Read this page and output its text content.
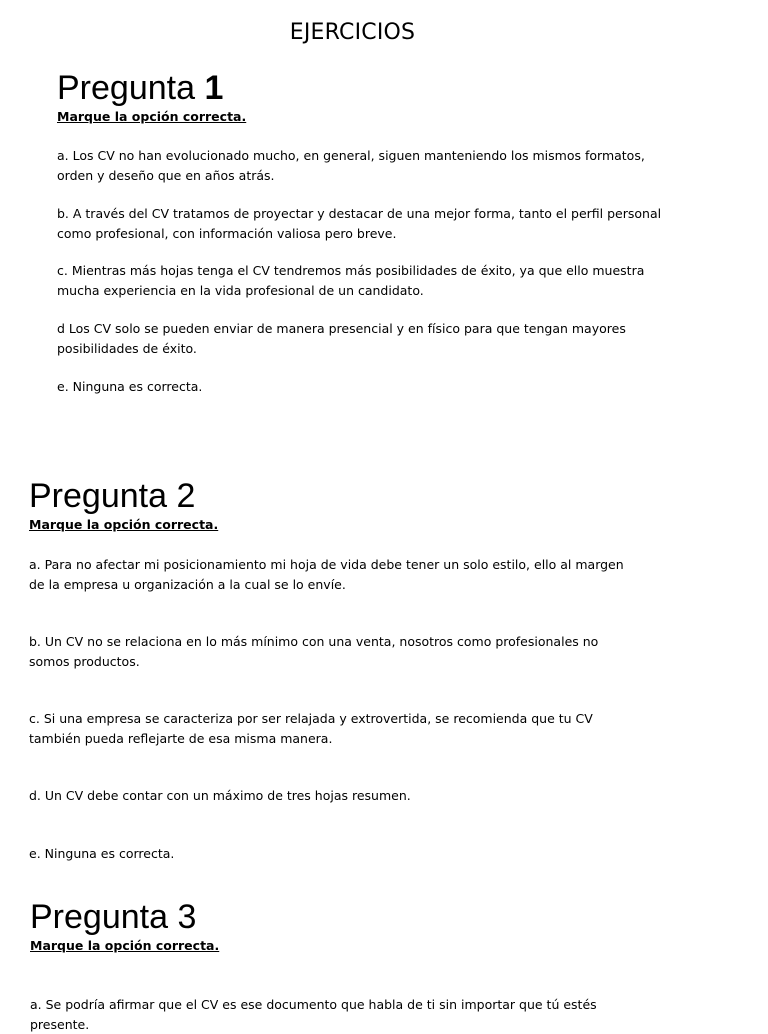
EJERCICIOS
Pregunta 1
Marque la opción correcta.
a. Los CV no han evolucionado mucho, en general, siguen manteniendo los mismos formatos,
orden y deseño que en años atrás.
b. A través del CV tratamos de proyectar y destacar de una mejor forma, tanto el perfil personal
como profesional, con información valiosa pero breve.
c. Mientras más hojas tenga el CV tendremos más posibilidades de éxito, ya que ello muestra
mucha experiencia en la vida profesional de un candidato.
d Los CV solo se pueden enviar de manera presencial y en físico para que tengan mayores
posibilidades de éxito.
e. Ninguna es correcta.
Pregunta 2
Marque la opción correcta.
a. Para no afectar mi posicionamiento mi hoja de vida debe tener un solo estilo, ello al margen
de la empresa u organización a la cual se lo envíe.
b. Un CV no se relaciona en lo más mínimo con una venta, nosotros como profesionales no
somos productos.
c. Si una empresa se caracteriza por ser relajada y extrovertida, se recomienda que tu CV
también pueda reflejarte de esa misma manera.
d. Un CV debe contar con un máximo de tres hojas resumen.
e. Ninguna es correcta.
Pregunta 3
Marque la opción correcta.
a. Se podría afirmar que el CV es ese documento que habla de ti sin importar que tú estés
presente.
